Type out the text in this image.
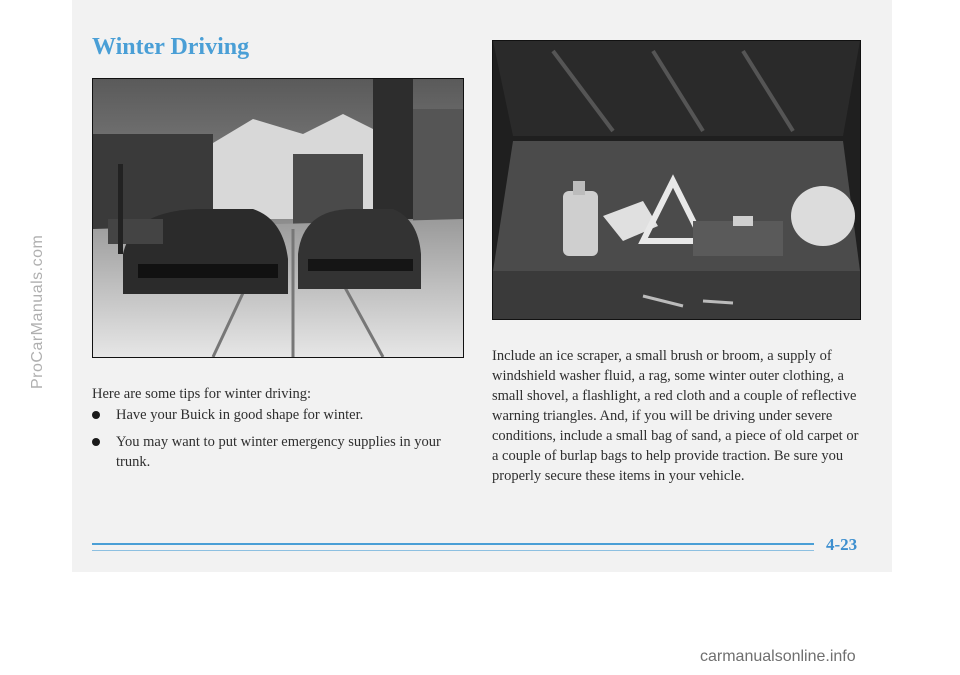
Winter Driving
Here are some tips for winter driving:
Have your Buick in good shape for winter.
You may want to put winter emergency supplies in your trunk.
Include an ice scraper, a small brush or broom, a supply of windshield washer fluid, a rag, some winter outer clothing, a small shovel, a flashlight, a red cloth and a couple of reflective warning triangles. And, if you will be driving under severe conditions, include a small bag of sand, a piece of old carpet or a couple of burlap bags to help provide traction. Be sure you properly secure these items in your vehicle.
4-23
ProCarManuals.com
carmanualsonline.info
